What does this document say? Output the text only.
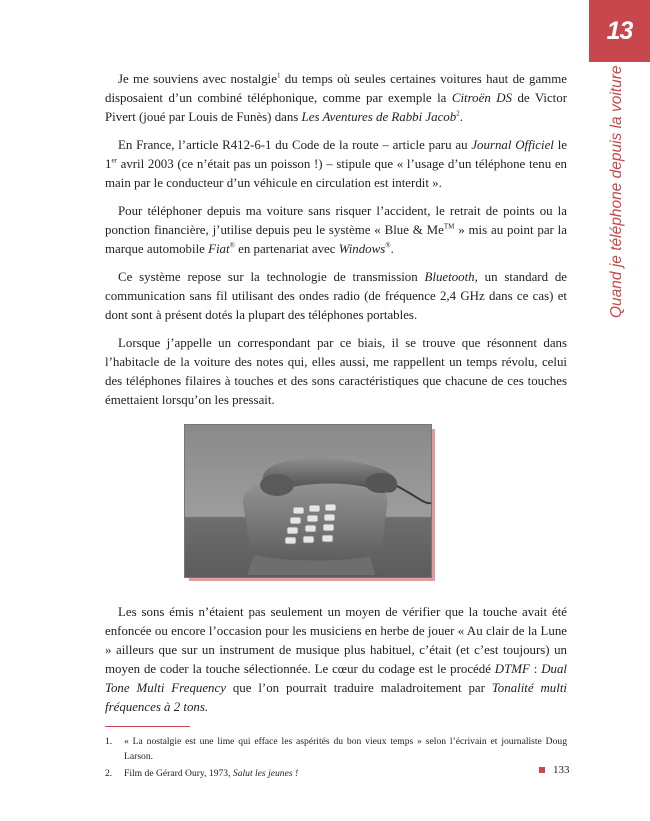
13
Quand je téléphone depuis la voiture

Je me souviens avec nostalgie$^1$ du temps où seules certaines voitures haut de gamme disposaient d’un combiné téléphonique, comme par exemple la Citroën DS de Victor Pivert (joué par Louis de Funès) dans Les Aventures de Rabbi Jacob$^2$.

En France, l’article R412-6-1 du Code de la route – article paru au Journal Officiel le 1er avril 2003 (ce n’était pas un poisson !) – stipule que « l’usage d’un téléphone tenu en main par le conducteur d’un véhicule en circulation est interdit ».

Pour téléphoner depuis ma voiture sans risquer l’accident, le retrait de points ou la ponction financière, j’utilise depuis peu le système « Blue & Me™ » mis au point par la marque automobile Fiat® en partenariat avec Windows®.

Ce système repose sur la technologie de transmission Bluetooth, un standard de communication sans fil utilisant des ondes radio (de fréquence 2,4 GHz dans ce cas) et dont sont à présent dotés la plupart des téléphones portables.

Lorsque j’appelle un correspondant par ce biais, il se trouve que résonnent dans l’habitacle de la voiture des notes qui, elles aussi, me rappellent un temps révolu, celui des téléphones filaires à touches et des sons caractéristiques que chacune de ces touches émettaient lorsqu’on les pressait.

Les sons émis n’étaient pas seulement un moyen de vérifier que la touche avait été enfoncée ou encore l’occasion pour les musiciens en herbe de jouer « Au clair de la Lune » ailleurs que sur un instrument de musique plus habituel, c’était (et c’est toujours) un moyen de coder la touche sélectionnée. Le cœur du codage est le procédé DTMF : Dual Tone Multi Frequency que l’on pourrait traduire maladroitement par Tonalité multi fréquences à 2 tons.

1.	« La nostalgie est une lime qui efface les aspérités du bon vieux temps » selon l’écrivain et journaliste Doug Larson.
2.	Film de Gérard Oury, 1973, Salut les jeunes !	133
